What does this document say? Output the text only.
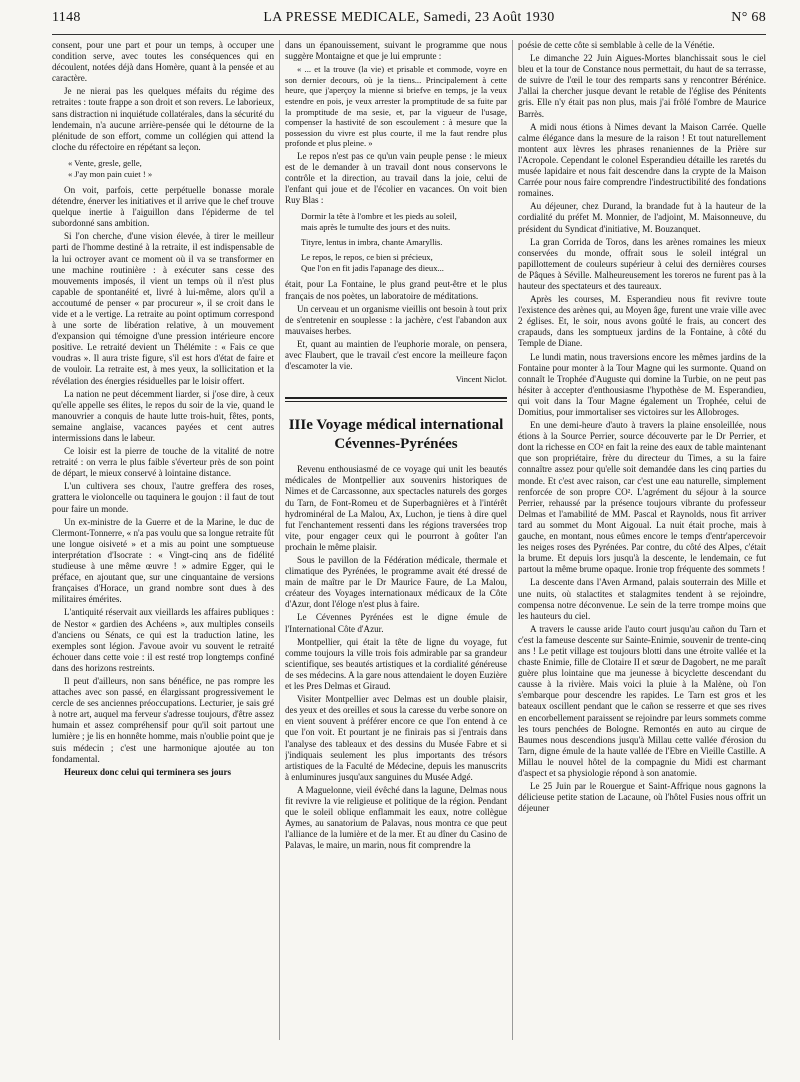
1148	LA PRESSE MEDICALE, Samedi, 23 Août 1930	N° 68

consent, pour une part et pour un temps, à occuper une condition serve, avec toutes les conséquences qui en découlent, notées déjà dans Homère, quant à la pensée et au caractère.

Je ne nierai pas les quelques méfaits du régime des retraites : toute frappe a son droit et son revers. Le laborieux, sans distraction ni inquiétude collatérales, dans la sécurité du lendemain, n'a aucune arrière-pensée qui le détourne de la plénitude de son effort, comme un collégien qui attend la cloche du réfectoire en répétant sa leçon.

« Vente, gresle, gelle,
« J'ay mon pain cuiet ! »

On voit, parfois, cette perpétuelle bonasse morale détendre, énerver les initiatives et il arrive que le chef trouve quelque inertie à l'aiguillon dans l'épiderme de tel subordonné sans ambition.

Si l'on cherche, d'une vision élevée, à tirer le meilleur parti de l'homme destiné à la retraite, il est indispensable de la lui octroyer avant ce moment où il va se transformer en une machine routinière : à exécuter sans cesse des mouvements imposés, il vient un temps où il n'est plus capable de spontanéité et, livré à lui-même, alors qu'il a accoutumé de penser « par procureur », il se croit dans le vide et a le vertige. La retraite au point optimum correspond à une sorte de libération relative, à un mouvement d'expansion qui témoigne d'une pression intérieure encore positive. Le retraité devient un Thélémite : « Fais ce que voudras ». Il aura triste figure, s'il est hors d'état de faire et de vouloir. La retraite est, à mes yeux, la sollicitation et la révélation des énergies résiduelles par le loisir offert.

La nation ne peut décemment liarder, si j'ose dire, à ceux qu'elle appelle ses élites, le repos du soir de la vie, quand le manouvrier a conquis de haute lutte trois-huit, fêtes, ponts, semaine anglaise, vacances payées et cent autres intermissions dans le labeur.

Ce loisir est la pierre de touche de la vitalité de notre retraité : on verra le plus faible s'éverteur près de son point de départ, le mieux conservé à lointaine distance.

L'un cultivera ses choux, l'autre greffera des roses, grattera le violoncelle ou taquinera le goujon : il faut de tout pour faire un monde.

Un ex-ministre de la Guerre et de la Marine, le duc de Clermont-Tonnerre, « n'a pas voulu que sa longue retraite fût une longue oisiveté » et a mis au point une somptueuse interprétation d'Isocrate : « Vingt-cinq ans de fidélité studieuse à une même œuvre ! » admire Egger, qui le préface, en ajoutant que, sur une cinquantaine de versions françaises d'Horace, un grand nombre sont dues à des militaires émérites.

L'antiquité réservait aux vieillards les affaires publiques : de Nestor « gardien des Achéens », aux multiples conseils d'anciens ou Sénats, ce qui est la traduction latine, les exemples sont légion. J'avoue avoir vu souvent le retraité échouer dans cette voie : il est resté trop longtemps confiné dans des horizons restreints.

Il peut d'ailleurs, non sans bénéfice, ne pas rompre les attaches avec son passé, en élargissant progressivement le cercle de ses anciennes préoccupations. Lecturier, je sais gré à notre art, auquel ma ferveur s'adresse toujours, d'être assez humain et assez compréhensif pour qu'il soit partout une lumière ; je lis en honnête homme, mais n'oublie point que je suis médecin ; c'est une harmonique ajoutée au ton fondamental.

Heureux donc celui qui terminera ses jours

dans un épanouissement, suivant le programme que nous suggère Montaigne et que je lui emprunte :

« ... et la trouve (la vie) et prisable et commode, voyre en son dernier decours, où je la tiens... Principalement à cette heure, que j'aperçoy la mienne si briefve en temps, je la veux estendre en pois, je veux arrester la promptitude de sa fuite par la promptitude de ma sesie, et, par la vigueur de l'usage, compenser la hastivité de son escoulement : à mesure que la possession du vivre est plus courte, il me la faut rendre plus profonde et plus pleine. »

Le repos n'est pas ce qu'un vain peuple pense : le mieux est de le demander à un travail dont nous conservons le contrôle et la direction, au travail dans la joie, celui de l'enfant qui joue et de l'écolier en vacances. On voit bien Ruy Blas :

Dormir la tête à l'ombre et les pieds au soleil,
mais après le tumulte des jours et des nuits.
Tityre, lentus in imbra, chante Amaryllis.
Le repos, le repos, ce bien si précieux,
Que l'on en fit jadis l'apanage des dieux...

était, pour La Fontaine, le plus grand peut-être et le plus français de nos poètes, un laboratoire de méditations.

Un cerveau et un organisme vieillis ont besoin à tout prix de s'entretenir en souplesse : la jachère, c'est l'abandon aux mauvaises herbes.

Et, quant au maintien de l'euphorie morale, on pensera, avec Flaubert, que le travail c'est encore la meilleure façon d'escamoter la vie.

Vincent Niclot.
IIIe Voyage médical international
Cévennes-Pyrénées

Revenu enthousiasmé de ce voyage qui unit les beautés médicales de Montpellier aux souvenirs historiques de Nimes et de Carcassonne, aux spectacles naturels des gorges du Tarn, de Font-Romeu et de Superbagnières et à l'intérêt hydrominéral de La Malou, Ax, Luchon, je tiens à dire quel fut l'enchantement ressenti dans les régions traversées trop vite, pour engager ceux qui le pourront à goûter l'an prochain le même plaisir.

Sous le pavillon de la Fédération médicale, thermale et climatique des Pyrénées, le programme avait été dressé de main de maître par le Dr Maurice Faure, de La Malou, créateur des Voyages internationaux médicaux de la Côte d'Azur, dont l'éloge n'est plus à faire.

Le Cévennes Pyrénées est le digne émule de l'International Côte d'Azur.

Montpellier, qui était la tête de ligne du voyage, fut comme toujours la ville trois fois admirable par sa grandeur scientifique, ses beautés artistiques et la cordialité généreuse de ses médecins. A la gare nous attendaient le doyen Euzière et les Pres Delmas et Giraud.

Visiter Montpellier avec Delmas est un double plaisir, des yeux et des oreilles et sous la caresse du verbe sonore on en vient souvent à préférer encore ce que l'on entend à ce que l'on voit. Et pourtant je ne finirais pas si j'entrais dans l'analyse des tableaux et des dessins du Musée Fabre et si j'indiquais seulement les plus importants des trésors artistiques de la Faculté de Médecine, depuis les manuscrits à enluminures jusqu'aux sanguines du Musée Adgé.

A Maguelonne, vieil évêché dans la lagune, Delmas nous fit revivre la vie religieuse et politique de la région. Pendant que le soleil oblique enflammait les eaux, notre collègue Aymes, au sanatorium de Palavas, nous montra ce que peut l'alliance de la lumière et de la mer. Et au dîner du Casino de Palavas, le maire, un marin, nous fit comprendre la

poésie de cette côte si semblable à celle de la Vénétie.

Le dimanche 22 Juin Aigues-Mortes blanchissait sous le ciel bleu et la tour de Constance nous permettait, du haut de sa terrasse, de suivre de l'œil le tour des remparts sans y rencontrer Bérénice. J'allai la chercher jusque devant le retable de l'église des Pénitents gris. Elle n'y était pas non plus, mais j'ai frôlé l'ombre de Maurice Barrès.

A midi nous étions à Nimes devant la Maison Carrée. Quelle calme élégance dans la mesure de la raison ! Et tout naturellement montent aux lèvres les phrases renaniennes de la Prière sur l'Acropole. Cependant le colonel Esperandieu détaille les raretés du musée lapidaire et nous fait descendre dans la crypte de la Maison Carrée pour nous faire comprendre l'indestructibilité des fondations romaines.

Au déjeuner, chez Durand, la brandade fut à la hauteur de la cordialité du préfet M. Monnier, de l'adjoint, M. Maisonneuve, du président du Syndicat d'initiative, M. Bouzanquet.

La gran Corrida de Toros, dans les arènes romaines les mieux conservées du monde, offrait sous le soleil intégral un papillottement de couleurs supérieur à celui des dernières courses de Pâques à Séville. Malheureusement les toreros ne furent pas à la hauteur des spectateurs et des taureaux.

Après les courses, M. Esperandieu nous fit revivre toute l'existence des arènes qui, au Moyen âge, furent une vraie ville avec 2 églises. Et, le soir, nous avons goûté le frais, au concert des crapauds, dans les somptueux jardins de la Fontaine, à côté du Temple de Diane.

Le lundi matin, nous traversions encore les mêmes jardins de la Fontaine pour monter à la Tour Magne qui les surmonte. Quand on connaît le Trophée d'Auguste qui domine la Turbie, on ne peut pas hésiter à accepter d'enthousiasme l'hypothèse de M. Esperandieu, qui voit dans la Tour Magne également un Trophée, celui de Domitius, pour immortaliser ses victoires sur les Allobroges.

En une demi-heure d'auto à travers la plaine ensoleillée, nous étions à la Source Perrier, source découverte par le Dr Perrier, et dont la richesse en CO² en fait la reine des eaux de table maintenant que son propriétaire, frère du directeur du Times, a su la faire connaître assez pour qu'elle soit demandée dans les cinq parties du monde. Et c'est avec raison, car c'est une eau naturelle, simplement renforcée de son propre CO². L'agrément du séjour à la source Perrier, rehaussé par la présence toujours vibrante du professeur Delmas et l'amabilité de MM. Pascal et Raynolds, nous fit arriver tard au sommet du Mont Aigoual. La nuit était proche, mais à gauche, en montant, nous eûmes encore le temps d'entr'apercevoir les neiges roses des Pyrénées. Par contre, du côté des Alpes, c'était la brume. Et depuis lors jusqu'à la descente, le lendemain, ce fut partout la même brume opaque. Ironie trop fréquente des sommets !

La descente dans l'Aven Armand, palais souterrain des Mille et une nuits, où stalactites et stalagmites tendent à se rejoindre, compensa notre déconvenue. Le sein de la terre trompe moins que les hauteurs du ciel.

A travers le causse aride l'auto court jusqu'au cañon du Tarn et c'est la fameuse descente sur Sainte-Enimie, souvenir de trente-cinq ans ! Le petit village est toujours blotti dans une étroite vallée et la chaste Enimie, fille de Clotaire II et sœur de Dagobert, ne me paraît guère plus lointaine que ma jeunesse à bicyclette descendant du causse à la rivière. Mais voici la pluie à la Malène, où l'on s'embarque pour descendre les rapides. Le Tarn est gros et les bateaux oscillent pendant que le cañon se resserre et que ses rives en encorbellement paraissent se rejoindre par leurs sommets comme les tours penchées de Bologne. Remontés en auto au cirque de Baumes nous descendions jusqu'à Millau cette vallée d'érosion du Tarn, digne émule de la haute vallée de l'Ebre en Vieille Castille. A Millau le nouvel hôtel de la compagnie du Midi est charmant d'aspect et sa physiologie répond à son anatomie.

Le 25 Juin par le Rouergue et Saint-Affrique nous gagnons la délicieuse petite station de Lacaune, où l'hôtel Fusies nous offrit un déjeuner
